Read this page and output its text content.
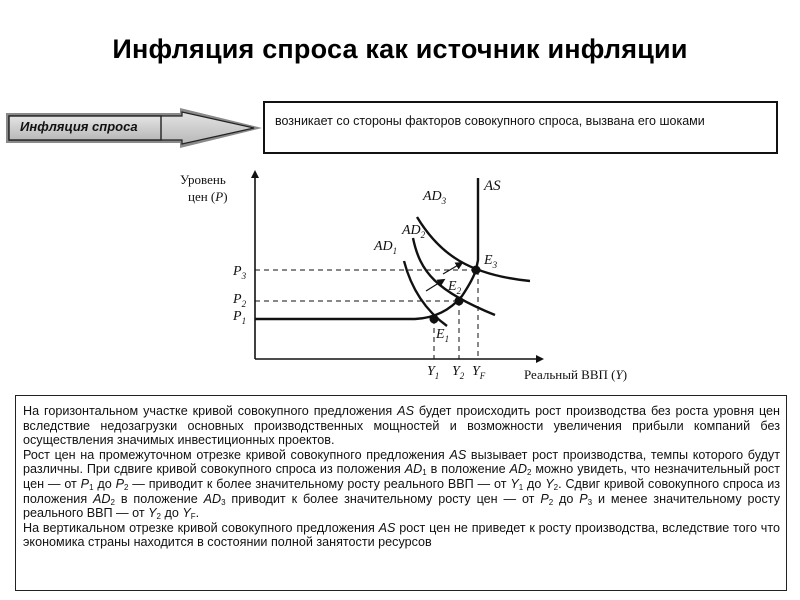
Инфляция спроса как источник инфляции
Инфляция спроса	возникает со стороны факторов совокупного спроса, вызвана его шоками
Уровень
цен (P)
Реальный ВВП (Y)
AS
$AD_1$
$AD_2$
$AD_3$
$E_1$
$E_2$
$E_3$
$P_3$
$P_2$
$P_1$
$Y_1$ $Y_2$ $Y_F$

На горизонтальном участке кривой совокупного предложения AS будет происходить рост производства без роста уровня цен вследствие недозагрузки основных производственных мощностей и возможности увеличения прибыли компаний без осуществления значимых инвестиционных проектов.

Рост цен на промежуточном отрезке кривой совокупного предложения AS вызывает рост производства, темпы которого будут различны. При сдвиге кривой совокупного спроса из положения $AD_1$ в положение $AD_2$ можно увидеть, что незначительный рост цен — от $P_1$ до $P_2$ — приводит к более значительному росту реального ВВП — от $Y_1$ до $Y_2$. Сдвиг кривой совокупного спроса из положения $AD_2$ в положение $AD_3$ приводит к более значительному росту цен — от $P_2$ до $P_3$ и менее значительному росту реального ВВП — от $Y_2$ до $Y_F$.

На вертикальном отрезке кривой совокупного предложения AS рост цен не приведет к росту производства, вследствие того что экономика страны находится в состоянии полной занятости ресурсов
